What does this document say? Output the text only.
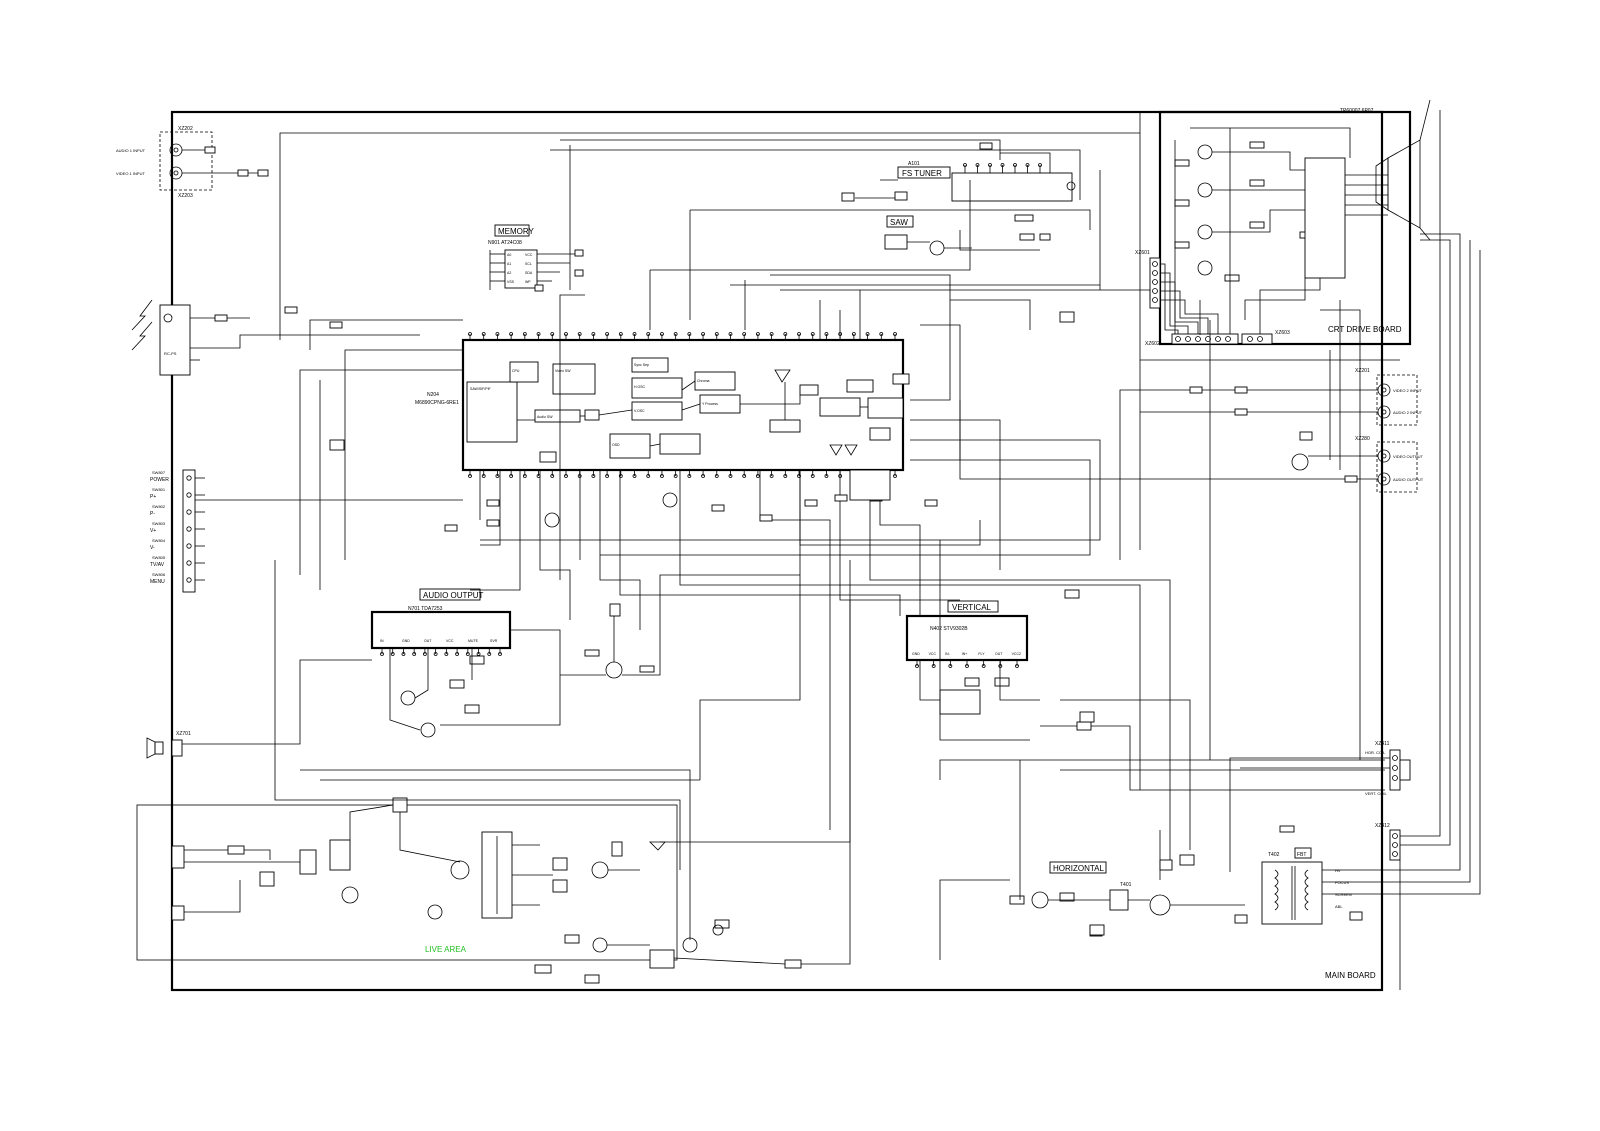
MAIN BOARD
CRT DRIVE BOARD
TP60007 6P07
XZ602
XZ603
XZ601
XZ202
XZ203
AUDIO 1 INPUT
VIDEO 1 INPUT
RC-PS
SW807
POWER
SW801
P+
SW802
P-
SW803
V+
SW804
V-
SW805
TV/AV
SW806
MENU
MEMORY
N901 AT24C08
A0
A1
A2
VSS
VCC
SCL
SDA
WP
N204
M6890CPNG-6RE1
SAW/SIF/PIF
CPU	Video SW
Audio SW
Sync Sep
H.OSC
V.OSC
Chroma
Y Process
OSD
A101
FS TUNER
SAW
XZ201
VIDEO 2 INPUT
AUDIO 2 INPUT
XZ280
VIDEO OUTPUT
AUDIO OUTPUT
AUDIO OUTPUT
N701 TDA7253
IN	GND	OUT	VCC	MUTE	SVR
XZ701
VERTICAL
N402 STV9302B
GND	VCC	IN-	IN+	FLY	OUT	VCC2
XZ411
HOR. COIL
VERT. COIL
XZ412
HORIZONTAL
T401
T402	FBT
HV
FOCUS
SCREEN
ABL
LIVE AREA
